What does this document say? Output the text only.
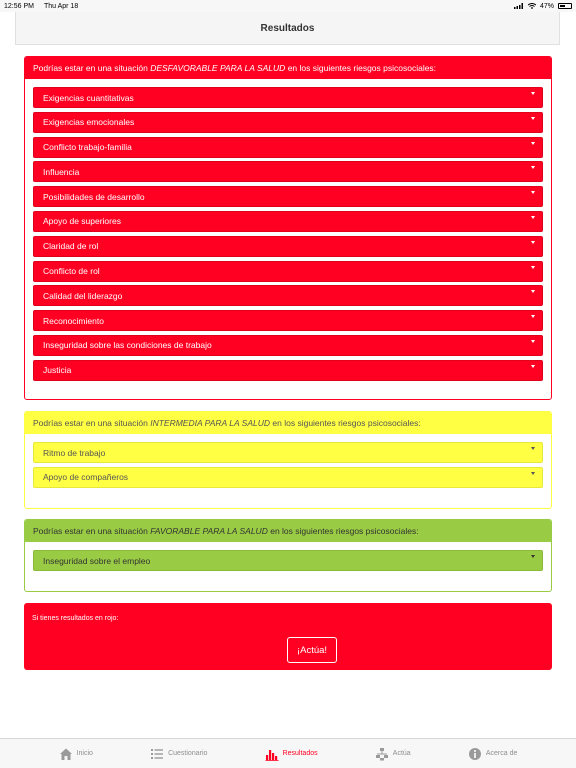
12:56 PM Thu Apr 18	47%
Resultados
Podrías estar en una situación
DESFAVORABLE PARA LA SALUD
en los siguientes riesgos psicosociales:
Exigencias cuantitativas
Exigencias emocionales
Conflicto trabajo-familia
Influencia
Posibilidades de desarrollo
Apoyo de superiores
Claridad de rol
Conflicto de rol
Calidad del liderazgo
Reconocimiento
Inseguridad sobre las condiciones de trabajo
Justicia
Podrías estar en una situación
INTERMEDIA PARA LA SALUD
en los siguientes riesgos psicosociales:
Ritmo de trabajo
Apoyo de compañeros
Podrías estar en una situación
FAVORABLE PARA LA SALUD
en los siguientes riesgos psicosociales:
Inseguridad sobre el empleo
Si tienes resultados en rojo:
¡Actúa!
Inicio	Cuestionario	Resultados	Actúa	Acerca de
